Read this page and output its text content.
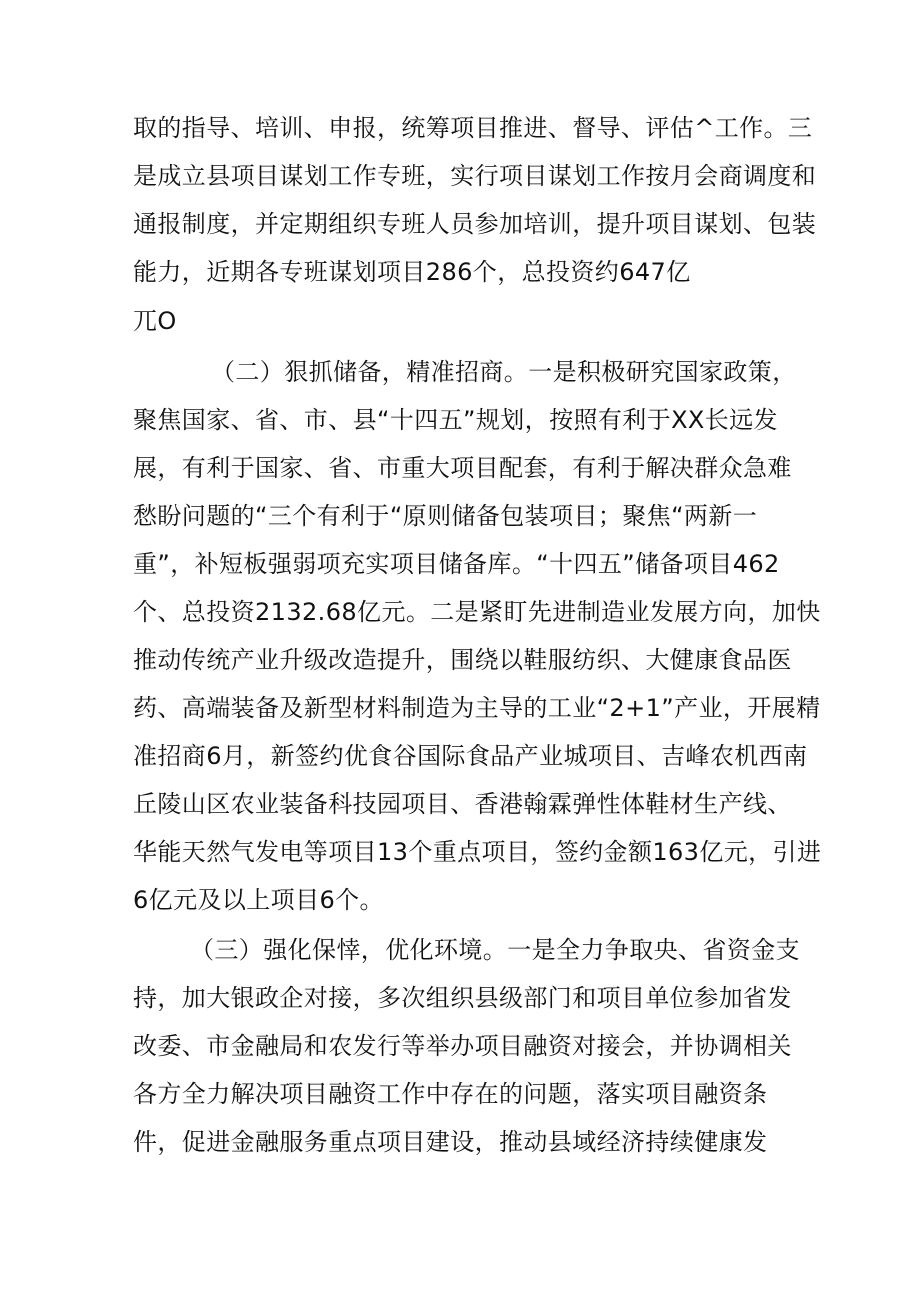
取的指导、培训、申报，统筹项目推进、督导、评估^工作。三
是成立县项目谋划工作专班，实行项目谋划工作按月会商调度和
通报制度，并定期组织专班人员参加培训，提升项目谋划、包装
能力，近期各专班谋划项目286个，总投资约647亿
兀O
（二）狠抓储备，精准招商。一是积极研究国家政策，
聚焦国家、省、市、县“十四五”规划，按照有利于XX长远发
展，有利于国家、省、市重大项目配套，有利于解决群众急难
愁盼问题的“三个有利于“原则储备包装项目；聚焦“两新一
重”，补短板强弱项充实项目储备库。“十四五”储备项目462
个、总投资2132.68亿元。二是紧盯先进制造业发展方向，加快
推动传统产业升级改造提升，围绕以鞋服纺织、大健康食品医
药、高端装备及新型材料制造为主导的工业“2+1”产业，开展精
准招商6月，新签约优食谷国际食品产业城项目、吉峰农机西南
丘陵山区农业装备科技园项目、香港翰霖弹性体鞋材生产线、
华能天然气发电等项目13个重点项目，签约金额163亿元，引进
6亿元及以上项目6个。
（三）强化保悻，优化环境。一是全力争取央、省资金支
持，加大银政企对接，多次组织县级部门和项目单位参加省发
改委、市金融局和农发行等举办项目融资对接会，并协调相关
各方全力解决项目融资工作中存在的问题，落实项目融资条
件，促进金融服务重点项目建设，推动县域经济持续健康发
